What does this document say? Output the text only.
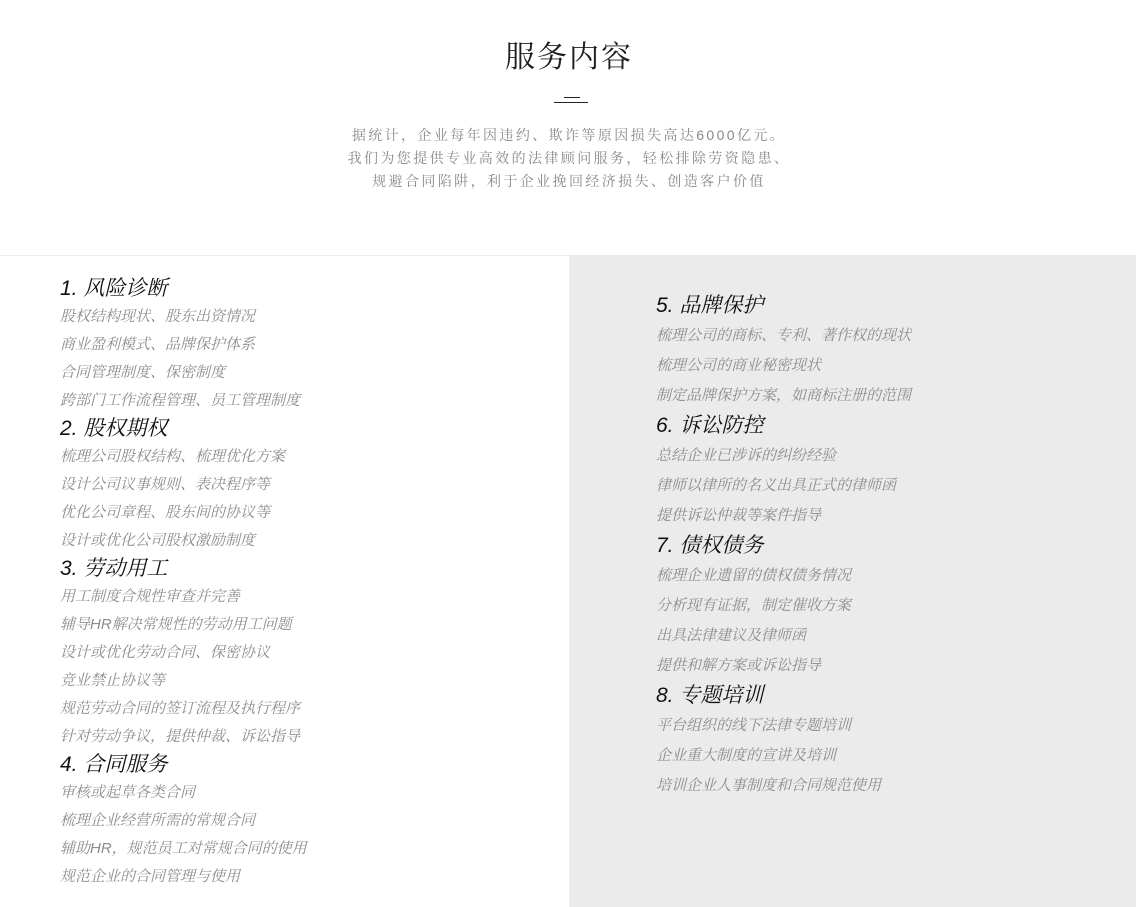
服务内容
据统计，企业每年因违约、欺诈等原因损失高达6000亿元。
我们为您提供专业高效的法律顾问服务，轻松排除劳资隐患、
规避合同陷阱，利于企业挽回经济损失、创造客户价值
1. 风险诊断
股权结构现状、股东出资情况
商业盈利模式、品牌保护体系
合同管理制度、保密制度
跨部门工作流程管理、员工管理制度
2. 股权期权
梳理公司股权结构、梳理优化方案
设计公司议事规则、表决程序等
优化公司章程、股东间的协议等
设计或优化公司股权激励制度
3. 劳动用工
用工制度合规性审查并完善
辅导HR解决常规性的劳动用工问题
设计或优化劳动合同、保密协议
竞业禁止协议等
规范劳动合同的签订流程及执行程序
针对劳动争议，提供仲裁、诉讼指导
4. 合同服务
审核或起草各类合同
梳理企业经营所需的常规合同
辅助HR，规范员工对常规合同的使用
规范企业的合同管理与使用
5. 品牌保护
梳理公司的商标、专利、著作权的现状
梳理公司的商业秘密现状
制定品牌保护方案，如商标注册的范围
6. 诉讼防控
总结企业已涉诉的纠纷经验
律师以律所的名义出具正式的律师函
提供诉讼仲裁等案件指导
7. 债权债务
梳理企业遗留的债权债务情况
分析现有证据，制定催收方案
出具法律建议及律师函
提供和解方案或诉讼指导
8. 专题培训
平台组织的线下法律专题培训
企业重大制度的宣讲及培训
培训企业人事制度和合同规范使用
